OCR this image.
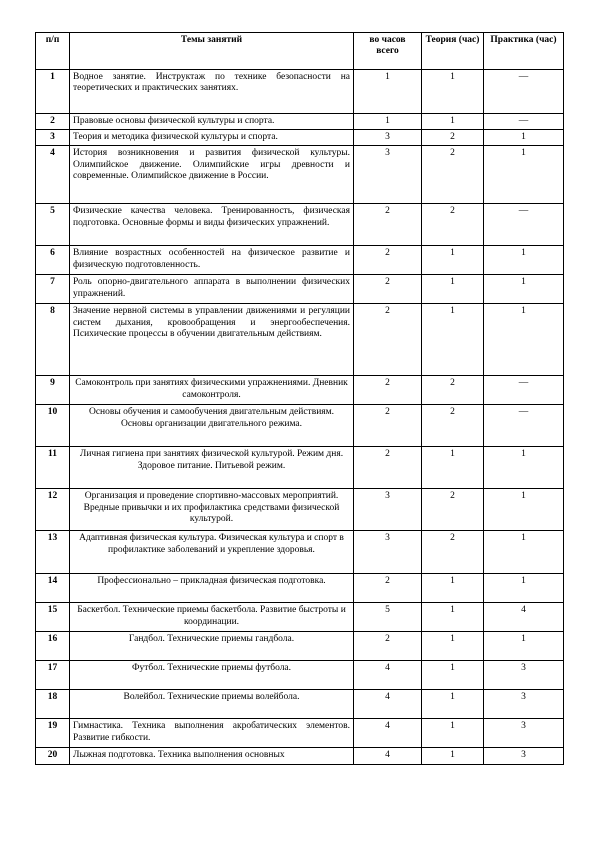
п/п	Темы занятий	во часов всего	Теория (час)	Практика (час)
1	Водное занятие. Инструктаж по технике безопасности на теоретических и практических занятиях.	1	1	—
2	Правовые основы физической культуры и спорта.	1	1	—
3	Теория и методика физической культуры и спорта.	3	2	1
4	История возникновения и развития физической культуры. Олимпийское движение. Олимпийские игры древности и современные. Олимпийское движение в России.	3	2	1
5	Физические качества человека. Тренированность, физическая подготовка. Основные формы и виды физических упражнений.	2	2	—
6	Влияние возрастных особенностей на физическое развитие и физическую подготовленность.	2	1	1
7	Роль опорно-двигательного аппарата в выполнении физических упражнений.	2	1	1
8	Значение нервной системы в управлении движениями и регуляции систем дыхания, кровообращения и энергообеспечения. Психические процессы в обучении двигательным действиям.	2	1	1
9	Самоконтроль при занятиях физическими упражнениями. Дневник самоконтроля.	2	2	—
10	Основы обучения и самообучения двигательным действиям. Основы организации двигательного режима.	2	2	—
11	Личная гигиена при занятиях физической культурой. Режим дня. Здоровое питание. Питьевой режим.	2	1	1
12	Организация и проведение спортивно-массовых мероприятий. Вредные привычки и их профилактика средствами физической культурой.	3	2	1
13	Адаптивная физическая культура. Физическая культура и спорт в профилактике заболеваний и укрепление здоровья.	3	2	1
14	Профессионально – прикладная физическая подготовка.	2	1	1
15	Баскетбол. Технические приемы баскетбола. Развитие быстроты и координации.	5	1	4
16	Гандбол. Технические приемы гандбола.	2	1	1
17	Футбол. Технические приемы футбола.	4	1	3
18	Волейбол. Технические приемы волейбола.	4	1	3
19	Гимнастика. Техника выполнения акробатических элементов. Развитие гибкости.	4	1	3
20	Лыжная подготовка. Техника выполнения основных	4	1	3
